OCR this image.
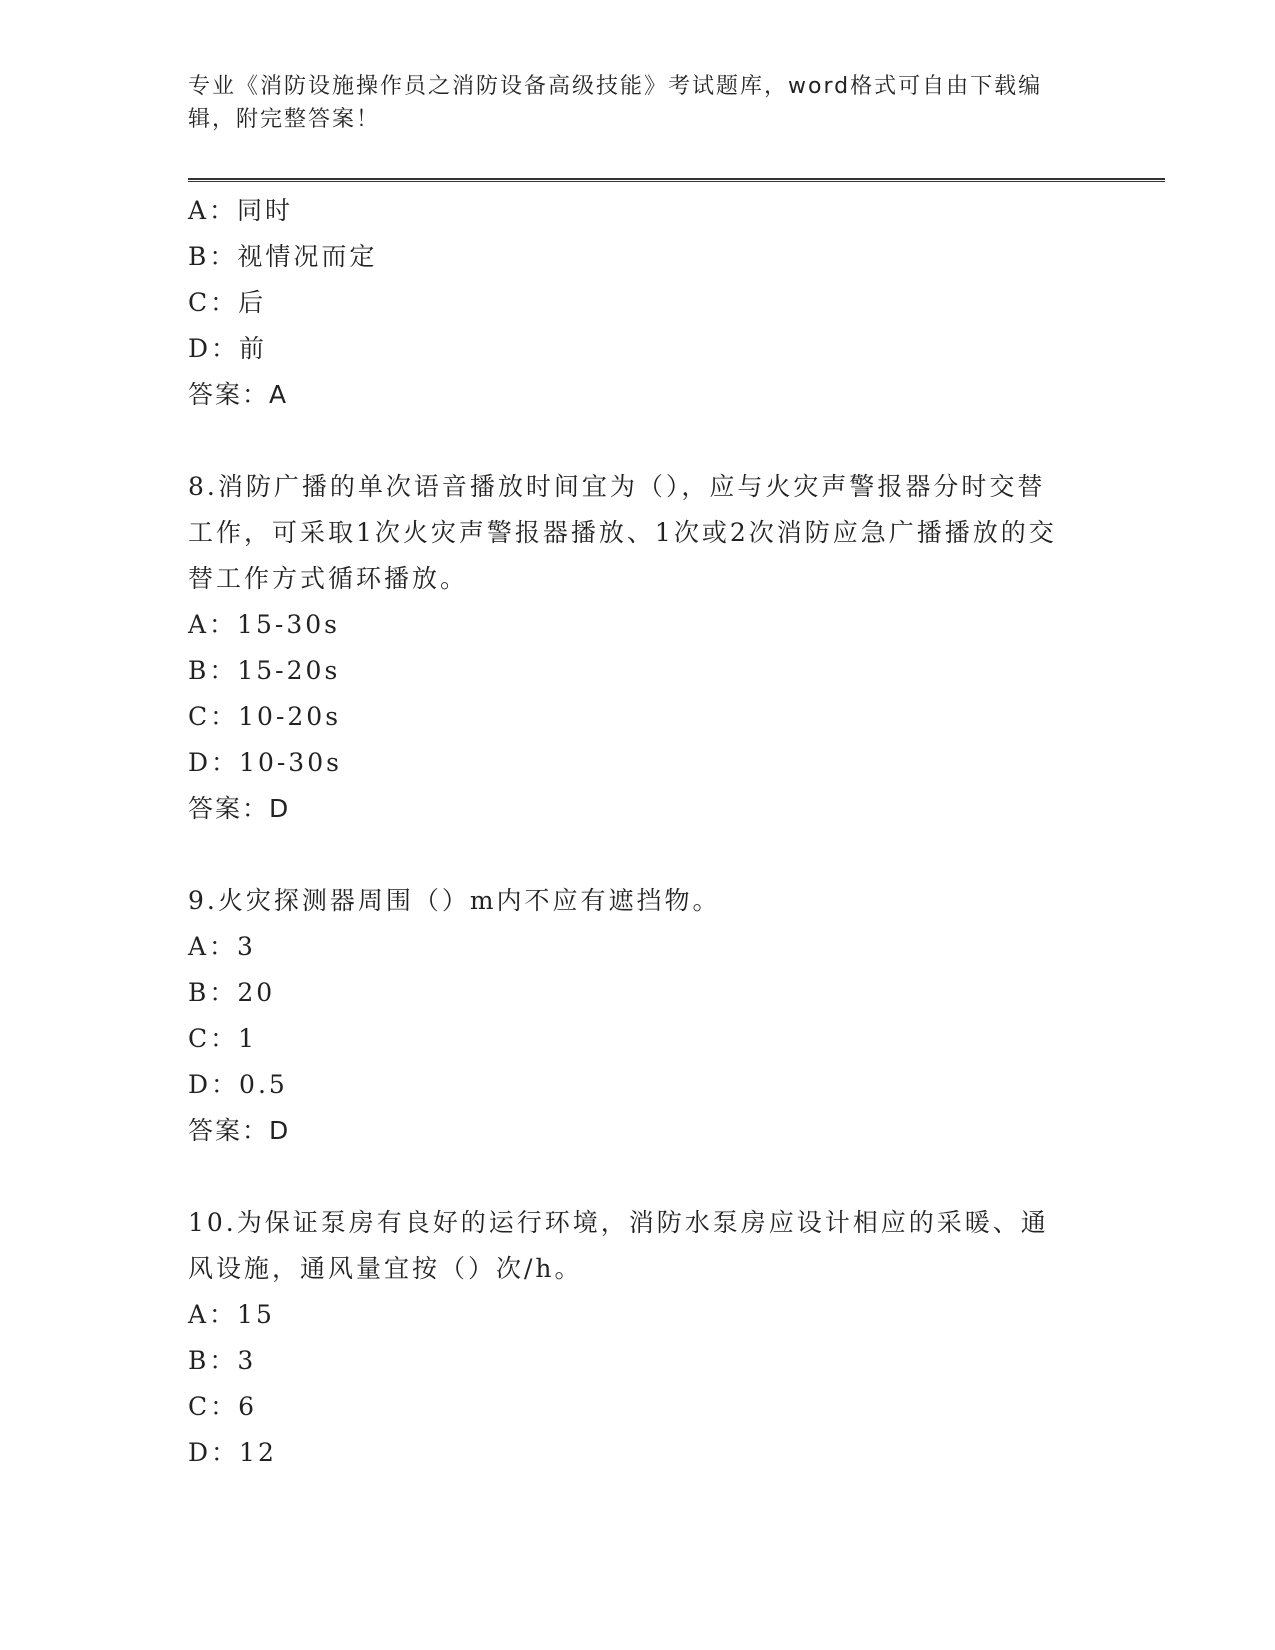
专业《消防设施操作员之消防设备高级技能》考试题库，word格式可自由下载编辑，附完整答案！
A：同时
B：视情况而定
C：后
D：前
答案：A
8.消防广播的单次语音播放时间宜为（），应与火灾声警报器分时交替工作，可采取1次火灾声警报器播放、1次或2次消防应急广播播放的交替工作方式循环播放。
A：15-30s
B：15-20s
C：10-20s
D：10-30s
答案：D
9.火灾探测器周围（）m内不应有遮挡物。
A：3
B：20
C：1
D：0.5
答案：D
10.为保证泵房有良好的运行环境，消防水泵房应设计相应的采暖、通风设施，通风量宜按（）次/h。
A：15
B：3
C：6
D：12
